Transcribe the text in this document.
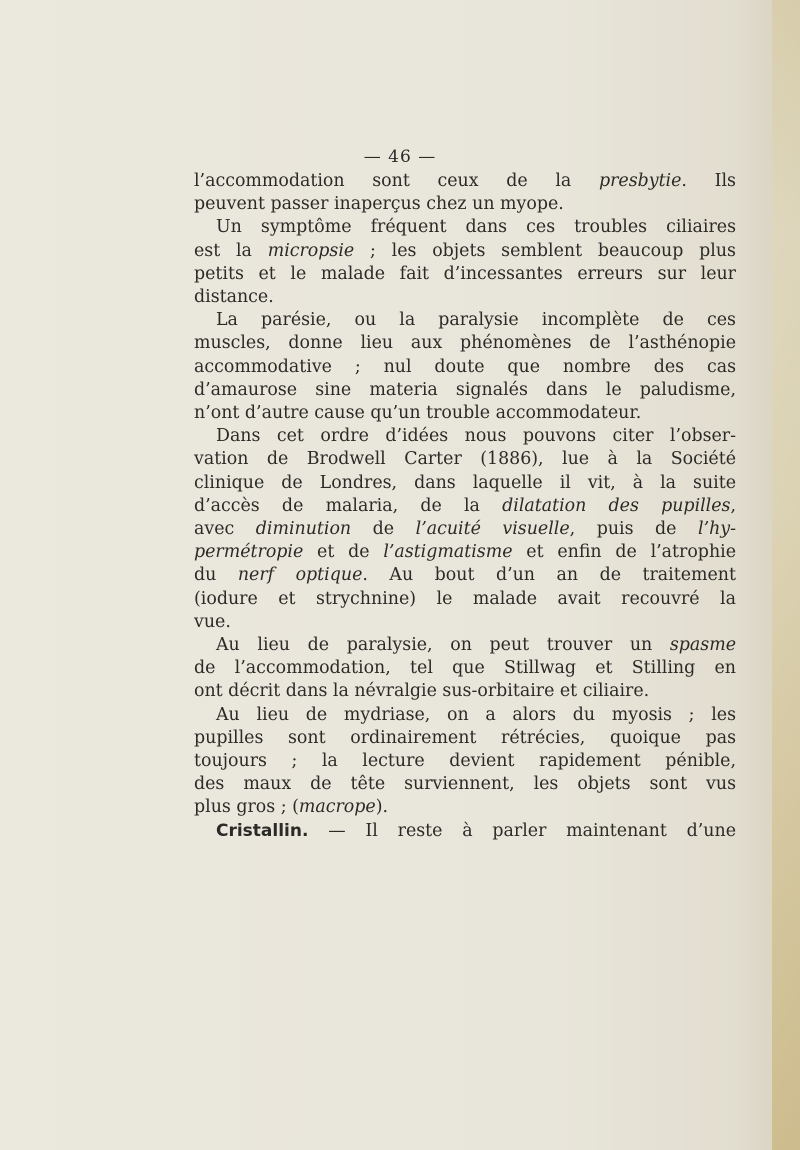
— 46 —
l’accommodation sont ceux de la presbytie. Ils
peuvent passer inaperçus chez un myope.
Un symptôme fréquent dans ces troubles ciliaires
est la micropsie ; les objets semblent beaucoup plus
petits et le malade fait d’incessantes erreurs sur leur
distance.
La parésie, ou la paralysie incomplète de ces
muscles, donne lieu aux phénomènes de l’asthénopie
accommodative ; nul doute que nombre des cas
d’amaurose sine materia signalés dans le paludisme,
n’ont d’autre cause qu’un trouble accommodateur.
Dans cet ordre d’idées nous pouvons citer l’obser-
vation de Brodwell Carter (1886), lue à la Société
clinique de Londres, dans laquelle il vit, à la suite
d’accès de malaria, de la dilatation des pupilles,
avec diminution de l’acuité visuelle, puis de l’hy-
permétropie et de l’astigmatisme et enfin de l’atrophie
du nerf optique. Au bout d’un an de traitement
(iodure et strychnine) le malade avait recouvré la
vue.
Au lieu de paralysie, on peut trouver un spasme
de l’accommodation, tel que Stillwag et Stilling en
ont décrit dans la névralgie sus-orbitaire et ciliaire.
Au lieu de mydriase, on a alors du myosis ; les
pupilles sont ordinairement rétrécies, quoique pas
toujours ; la lecture devient rapidement pénible,
des maux de tête surviennent, les objets sont vus
plus gros ; (macrope).
Cristallin. — Il reste à parler maintenant d’une
